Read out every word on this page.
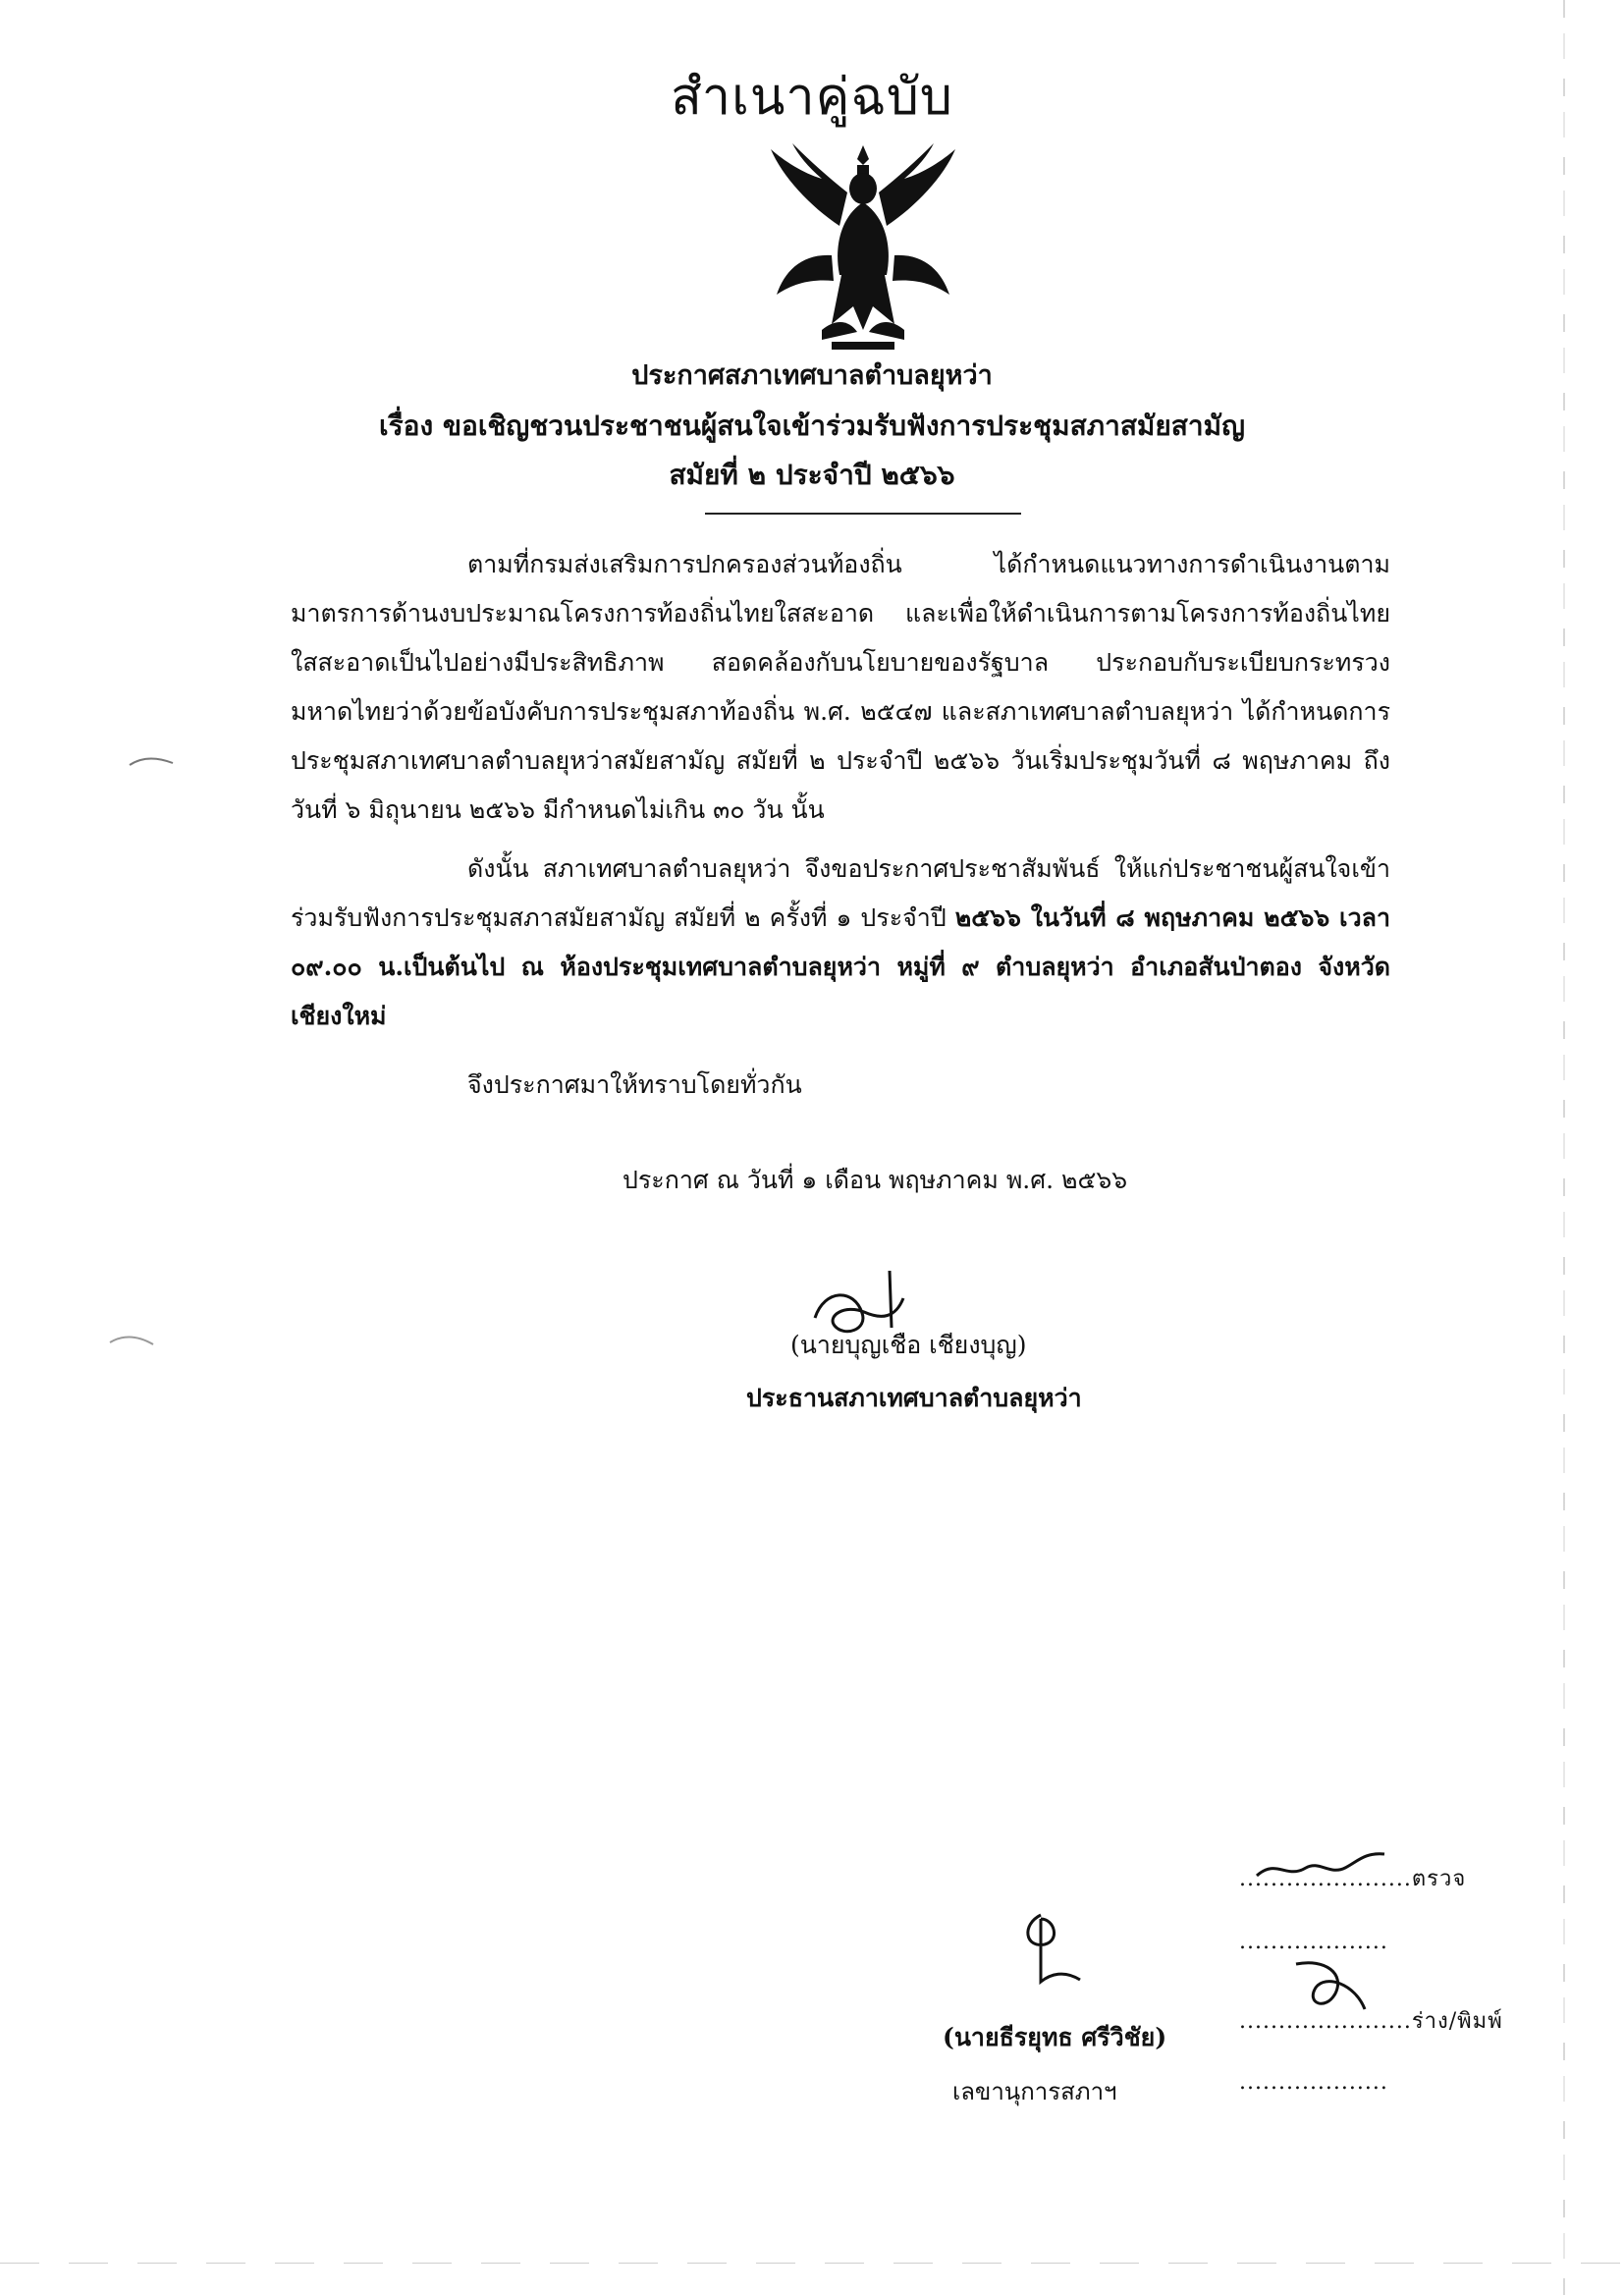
สำเนาคู่ฉบับ
ประกาศสภาเทศบาลตำบลยุหว่า
เรื่อง ขอเชิญชวนประชาชนผู้สนใจเข้าร่วมรับฟังการประชุมสภาสมัยสามัญ
สมัยที่ ๒ ประจำปี ๒๕๖๖
ตามที่กรมส่งเสริมการปกครองส่วนท้องถิ่น ได้กำหนดแนวทางการดำเนินงานตามมาตรการด้านงบประมาณโครงการท้องถิ่นไทยใสสะอาด และเพื่อให้ดำเนินการตามโครงการท้องถิ่นไทยใสสะอาดเป็นไปอย่างมีประสิทธิภาพ สอดคล้องกับนโยบายของรัฐบาล ประกอบกับระเบียบกระทรวงมหาดไทยว่าด้วยข้อบังคับการประชุมสภาท้องถิ่น พ.ศ. ๒๕๔๗ และสภาเทศบาลตำบลยุหว่า ได้กำหนดการประชุมสภาเทศบาลตำบลยุหว่าสมัยสามัญ สมัยที่ ๒ ประจำปี ๒๕๖๖ วันเริ่มประชุมวันที่ ๘ พฤษภาคม ถึงวันที่ ๖ มิถุนายน ๒๕๖๖ มีกำหนดไม่เกิน ๓๐ วัน นั้น
ดังนั้น สภาเทศบาลตำบลยุหว่า จึงขอประกาศประชาสัมพันธ์ ให้แก่ประชาชนผู้สนใจเข้าร่วมรับฟังการประชุมสภาสมัยสามัญ สมัยที่ ๒ ครั้งที่ ๑ ประจำปี ๒๕๖๖ ในวันที่ ๘ พฤษภาคม ๒๕๖๖ เวลา ๐๙.๐๐ น.เป็นต้นไป ณ ห้องประชุมเทศบาลตำบลยุหว่า หมู่ที่ ๙ ตำบลยุหว่า อำเภอสันป่าตอง จังหวัดเชียงใหม่
จึงประกาศมาให้ทราบโดยทั่วกัน
ประกาศ ณ วันที่ ๑ เดือน พฤษภาคม พ.ศ. ๒๕๖๖
(นายบุญเชือ เชียงบุญ)
ประธานสภาเทศบาลตำบลยุหว่า
(นายธีรยุทธ ศรีวิชัย)
เลขานุการสภาฯ
......................ตรวจ
...................
......................ร่าง/พิมพ์
...................
